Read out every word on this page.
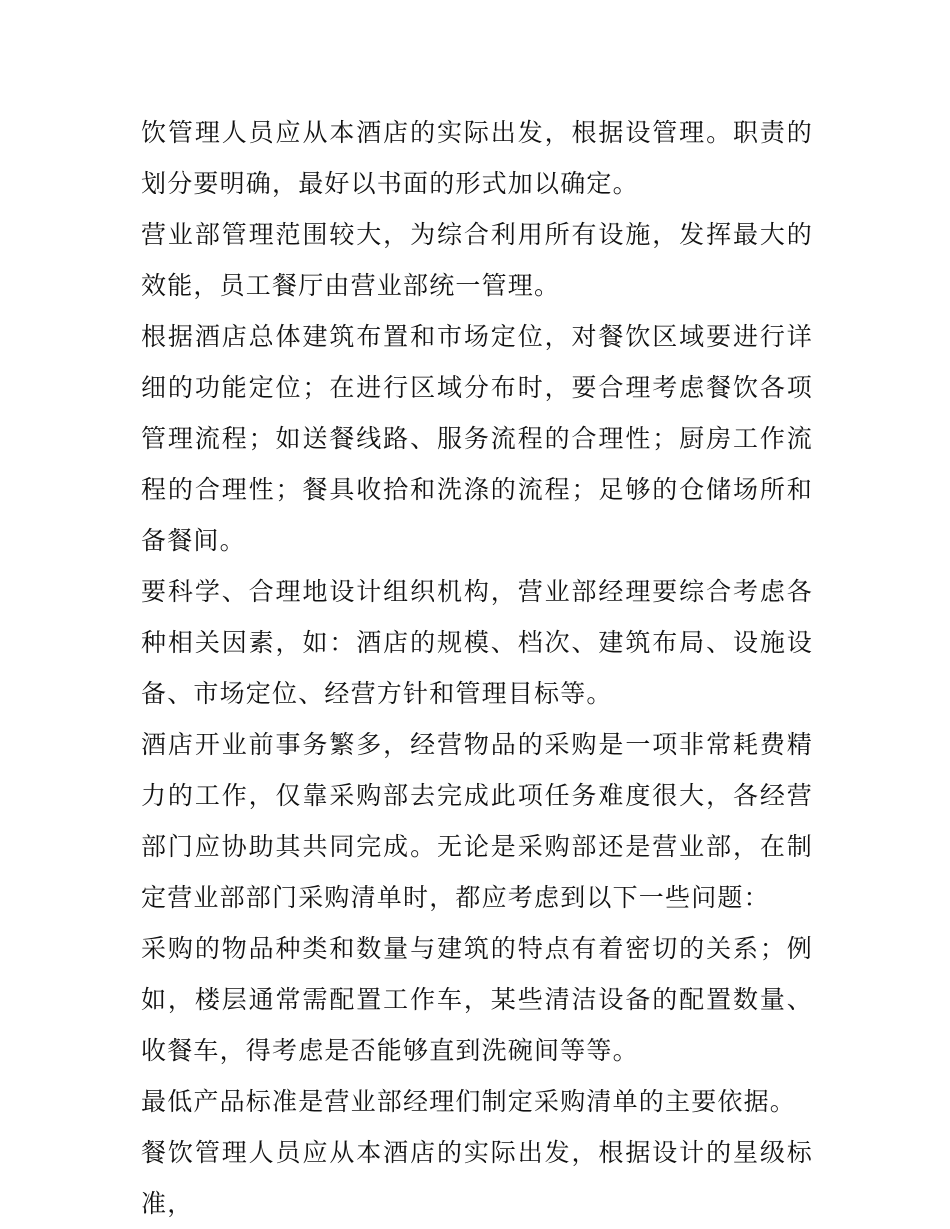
饮管理人员应从本酒店的实际出发，根据设管理。职责的划分要明确，最好以书面的形式加以确定。

营业部管理范围较大，为综合利用所有设施，发挥最大的效能，员工餐厅由营业部统一管理。

根据酒店总体建筑布置和市场定位，对餐饮区域要进行详细的功能定位；在进行区域分布时，要合理考虑餐饮各项管理流程；如送餐线路、服务流程的合理性；厨房工作流程的合理性；餐具收拾和洗涤的流程；足够的仓储场所和备餐间。

要科学、合理地设计组织机构，营业部经理要综合考虑各种相关因素，如：酒店的规模、档次、建筑布局、设施设备、市场定位、经营方针和管理目标等。

酒店开业前事务繁多，经营物品的采购是一项非常耗费精力的工作，仅靠采购部去完成此项任务难度很大，各经营部门应协助其共同完成。无论是采购部还是营业部，在制定营业部部门采购清单时，都应考虑到以下一些问题：

采购的物品种类和数量与建筑的特点有着密切的关系；例如，楼层通常需配置工作车，某些清洁设备的配置数量、收餐车，得考虑是否能够直到洗碗间等等。

最低产品标准是营业部经理们制定采购清单的主要依据。

餐饮管理人员应从本酒店的实际出发，根据设计的星级标准，
